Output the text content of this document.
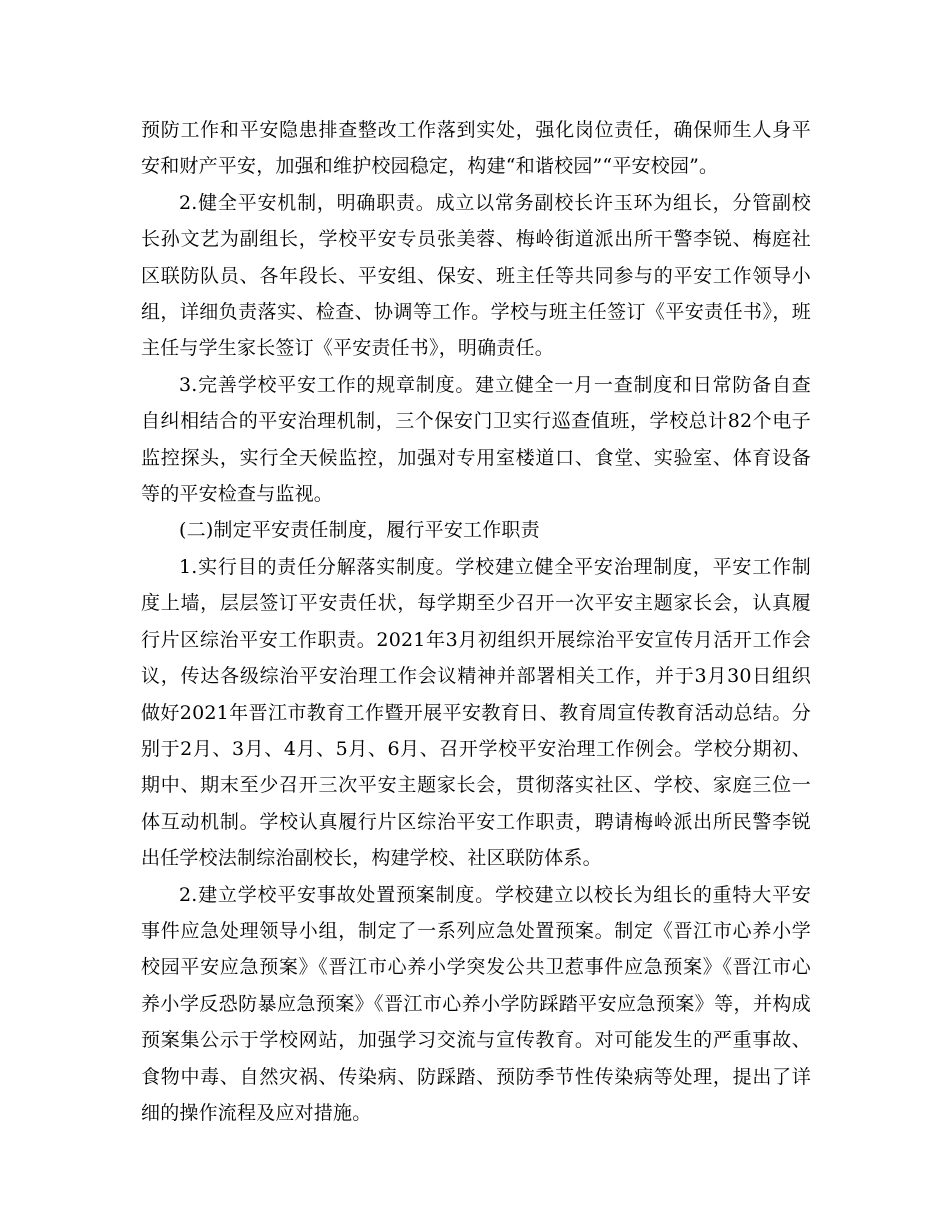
预防工作和平安隐患排查整改工作落到实处，强化岗位责任，确保师生人身平安和财产平安，加强和维护校园稳定，构建“和谐校园”“平安校园”。

2.健全平安机制，明确职责。成立以常务副校长许玉环为组长，分管副校长孙文艺为副组长，学校平安专员张美蓉、梅岭街道派出所干警李锐、梅庭社区联防队员、各年段长、平安组、保安、班主任等共同参与的平安工作领导小组，详细负责落实、检查、协调等工作。学校与班主任签订《平安责任书》，班主任与学生家长签订《平安责任书》，明确责任。

3.完善学校平安工作的规章制度。建立健全一月一查制度和日常防备自查自纠相结合的平安治理机制，三个保安门卫实行巡查值班，学校总计82个电子监控探头，实行全天候监控，加强对专用室楼道口、食堂、实验室、体育设备等的平安检查与监视。

(二)制定平安责任制度，履行平安工作职责

1.实行目的责任分解落实制度。学校建立健全平安治理制度，平安工作制度上墙，层层签订平安责任状，每学期至少召开一次平安主题家长会，认真履行片区综治平安工作职责。2021年3月初组织开展综治平安宣传月活开工作会议，传达各级综治平安治理工作会议精神并部署相关工作，并于3月30日组织做好2021年晋江市教育工作暨开展平安教育日、教育周宣传教育活动总结。分别于2月、3月、4月、5月、6月、召开学校平安治理工作例会。学校分期初、期中、期末至少召开三次平安主题家长会，贯彻落实社区、学校、家庭三位一体互动机制。学校认真履行片区综治平安工作职责，聘请梅岭派出所民警李锐出任学校法制综治副校长，构建学校、社区联防体系。

2.建立学校平安事故处置预案制度。学校建立以校长为组长的重特大平安事件应急处理领导小组，制定了一系列应急处置预案。制定《晋江市心养小学校园平安应急预案》《晋江市心养小学突发公共卫惹事件应急预案》《晋江市心养小学反恐防暴应急预案》《晋江市心养小学防踩踏平安应急预案》等，并构成预案集公示于学校网站，加强学习交流与宣传教育。对可能发生的严重事故、食物中毒、自然灾祸、传染病、防踩踏、预防季节性传染病等处理，提出了详细的操作流程及应对措施。
